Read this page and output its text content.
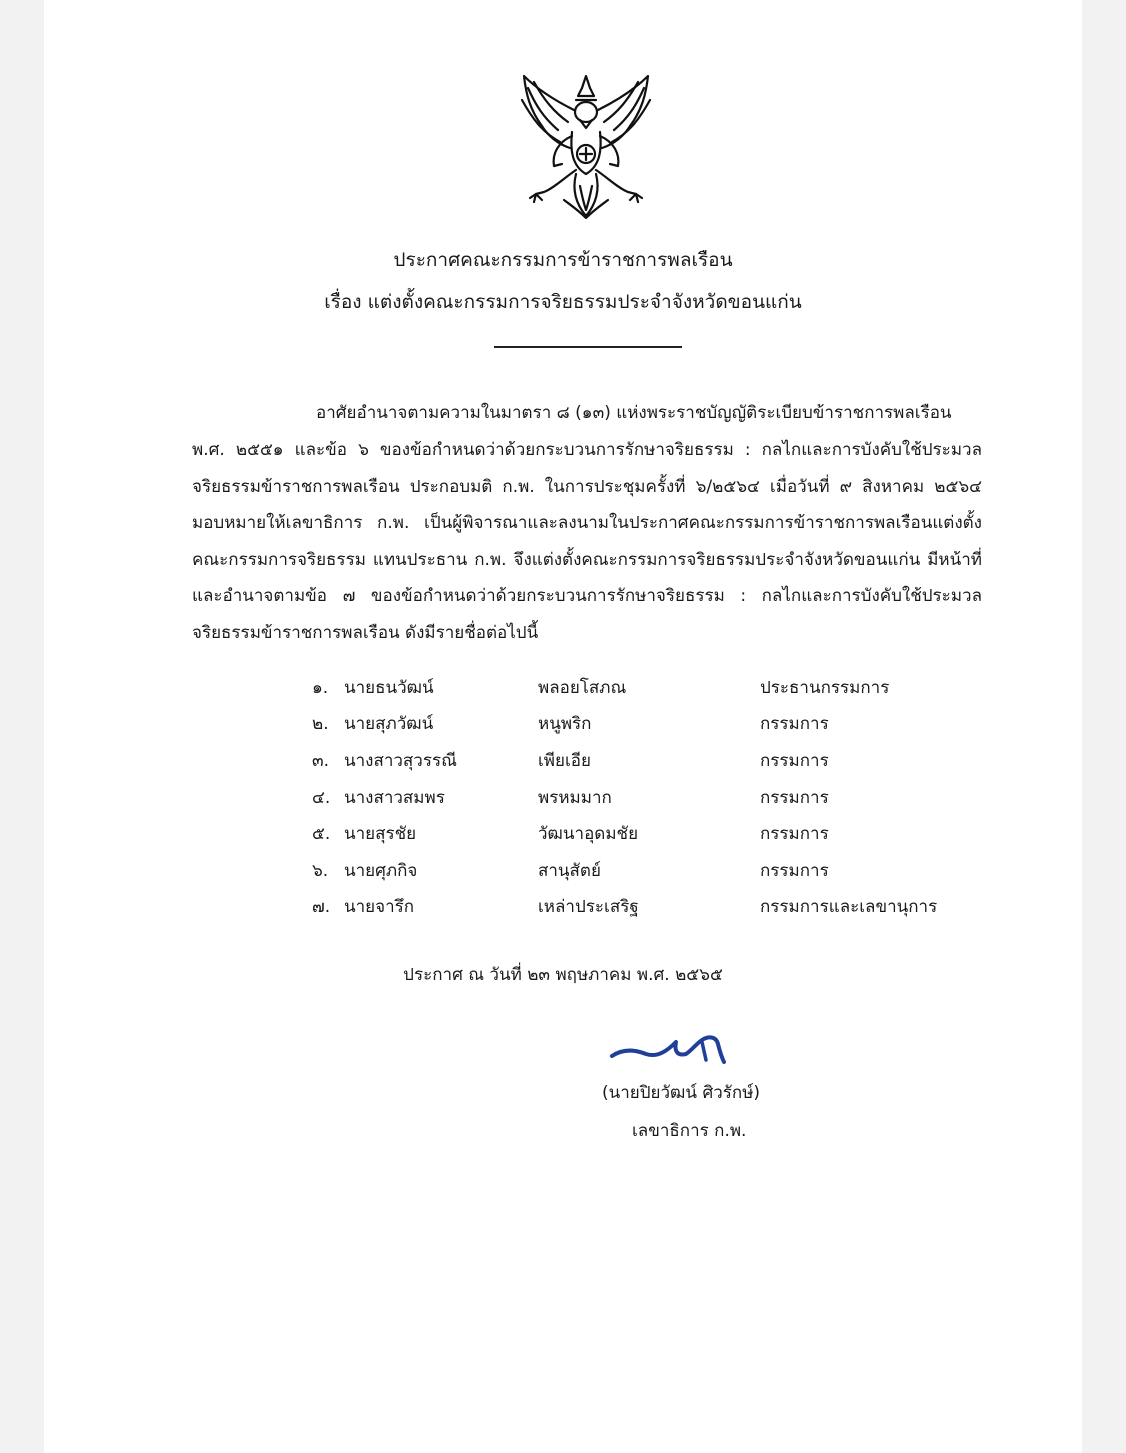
ประกาศคณะกรรมการข้าราชการพลเรือน
เรื่อง แต่งตั้งคณะกรรมการจริยธรรมประจำจังหวัดขอนแก่น
อาศัยอำนาจตามความในมาตรา ๘ (๑๓) แห่งพระราชบัญญัติระเบียบข้าราชการพลเรือน
พ.ศ. ๒๕๕๑ และข้อ ๖ ของข้อกำหนดว่าด้วยกระบวนการรักษาจริยธรรม : กลไกและการบังคับใช้ประมวล
จริยธรรมข้าราชการพลเรือน ประกอบมติ ก.พ. ในการประชุมครั้งที่ ๖/๒๕๖๔ เมื่อวันที่ ๙ สิงหาคม ๒๕๖๔
มอบหมายให้เลขาธิการ ก.พ. เป็นผู้พิจารณาและลงนามในประกาศคณะกรรมการข้าราชการพลเรือนแต่งตั้ง
คณะกรรมการจริยธรรม แทนประธาน ก.พ. จึงแต่งตั้งคณะกรรมการจริยธรรมประจำจังหวัดขอนแก่น มีหน้าที่
และอำนาจตามข้อ ๗ ของข้อกำหนดว่าด้วยกระบวนการรักษาจริยธรรม : กลไกและการบังคับใช้ประมวล
จริยธรรมข้าราชการพลเรือน ดังมีรายชื่อต่อไปนี้
๑. นายธนวัฒน์	พลอยโสภณ	ประธานกรรมการ
๒. นายสุภวัฒน์	หนูพริก	กรรมการ
๓. นางสาวสุวรรณี	เพียเอีย	กรรมการ
๔. นางสาวสมพร	พรหมมาก	กรรมการ
๕. นายสุรชัย	วัฒนาอุดมชัย	กรรมการ
๖. นายศุภกิจ	สานุสัตย์	กรรมการ
๗. นายจารึก	เหล่าประเสริฐ	กรรมการและเลขานุการ
ประกาศ ณ วันที่ ๒๓ พฤษภาคม พ.ศ. ๒๕๖๕
(นายปิยวัฒน์ ศิวรักษ์)
เลขาธิการ ก.พ.
